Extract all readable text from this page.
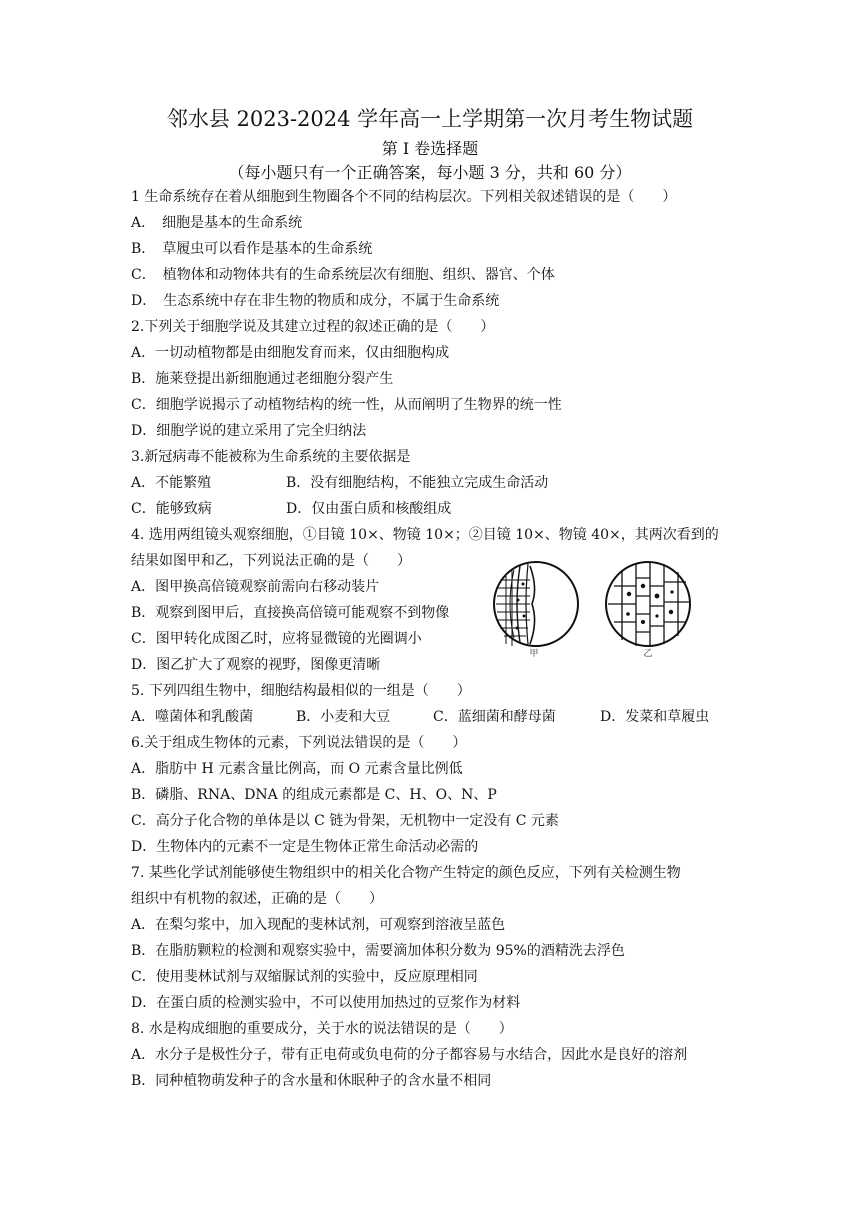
邻水县 2023-2024 学年高一上学期第一次月考生物试题
第 I 卷选择题
（每小题只有一个正确答案，每小题 3 分，共和 60 分）
1 生命系统存在着从细胞到生物圈各个不同的结构层次。下列相关叙述错误的是（　　）
A．　细胞是基本的生命系统
B．　草履虫可以看作是基本的生命系统
C．　植物体和动物体共有的生命系统层次有细胞、组织、器官、个体
D．　生态系统中存在非生物的物质和成分，不属于生命系统
2.下列关于细胞学说及其建立过程的叙述正确的是（　　）
A．一切动植物都是由细胞发育而来，仅由细胞构成
B．施莱登提出新细胞通过老细胞分裂产生
C．细胞学说揭示了动植物结构的统一性，从而阐明了生物界的统一性
D．细胞学说的建立采用了完全归纳法
3.新冠病毒不能被称为生命系统的主要依据是
A．不能繁殖	B．没有细胞结构，不能独立完成生命活动
C．能够致病	D．仅由蛋白质和核酸组成
4. 选用两组镜头观察细胞，①目镜 10×、物镜 10×；②目镜 10×、物镜 40×，其两次看到的
结果如图甲和乙，下列说法正确的是（　　）
A．图甲换高倍镜观察前需向右移动装片
B．观察到图甲后，直接换高倍镜可能观察不到物像
C．图甲转化成图乙时，应将显微镜的光圈调小
D．图乙扩大了观察的视野，图像更清晰
甲	乙
5. 下列四组生物中，细胞结构最相似的一组是（　　）
A．噬菌体和乳酸菌	B．小麦和大豆	C．蓝细菌和酵母菌	D．发菜和草履虫
6.关于组成生物体的元素，下列说法错误的是（　　）
A．脂肪中 H 元素含量比例高，而 O 元素含量比例低
B．磷脂、RNA、DNA 的组成元素都是 C、H、O、N、P
C．高分子化合物的单体是以 C 链为骨架，无机物中一定没有 C 元素
D．生物体内的元素不一定是生物体正常生命活动必需的
7. 某些化学试剂能够使生物组织中的相关化合物产生特定的颜色反应，下列有关检测生物
组织中有机物的叙述，正确的是（　　）
A．在梨匀浆中，加入现配的斐林试剂，可观察到溶液呈蓝色
B．在脂肪颗粒的检测和观察实验中，需要滴加体积分数为 95%的酒精洗去浮色
C．使用斐林试剂与双缩脲试剂的实验中，反应原理相同
D．在蛋白质的检测实验中，不可以使用加热过的豆浆作为材料
8. 水是构成细胞的重要成分，关于水的说法错误的是（　　）
A．水分子是极性分子，带有正电荷或负电荷的分子都容易与水结合，因此水是良好的溶剂
B．同种植物萌发种子的含水量和休眠种子的含水量不相同
